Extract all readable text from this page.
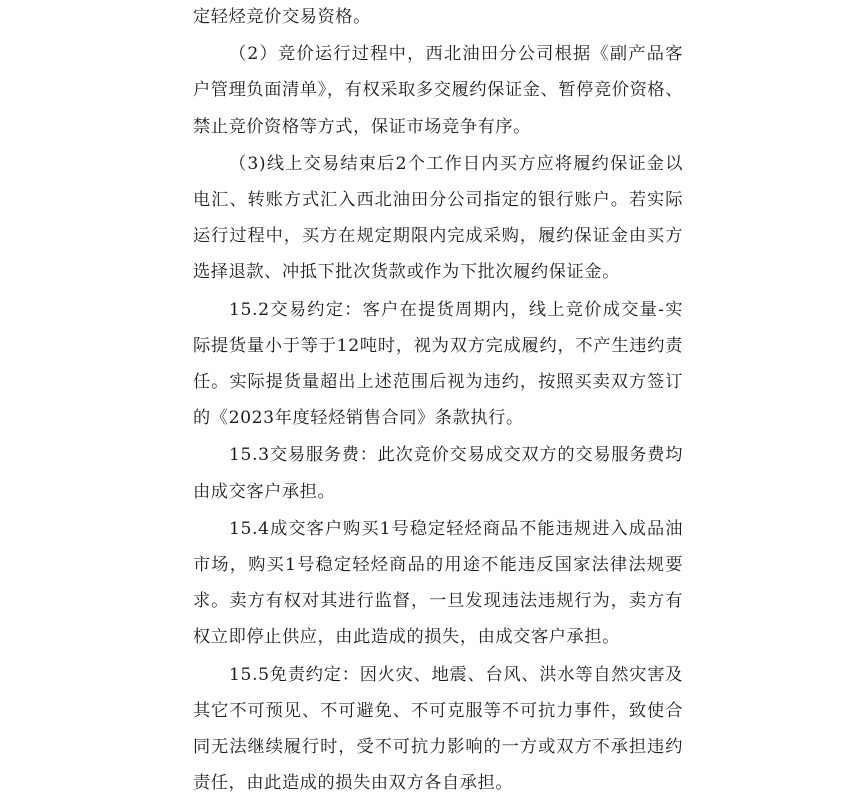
定轻烃竞价交易资格。

（2）竞价运行过程中，西北油田分公司根据《副产品客户管理负面清单》，有权采取多交履约保证金、暂停竞价资格、禁止竞价资格等方式，保证市场竞争有序。

（3)线上交易结束后2个工作日内买方应将履约保证金以电汇、转账方式汇入西北油田分公司指定的银行账户。若实际运行过程中，买方在规定期限内完成采购，履约保证金由买方选择退款、冲抵下批次货款或作为下批次履约保证金。

15.2交易约定：客户在提货周期内，线上竞价成交量-实际提货量小于等于12吨时，视为双方完成履约，不产生违约责任。实际提货量超出上述范围后视为违约，按照买卖双方签订的《2023年度轻烃销售合同》条款执行。

15.3交易服务费：此次竞价交易成交双方的交易服务费均由成交客户承担。

15.4成交客户购买1号稳定轻烃商品不能违规进入成品油市场，购买1号稳定轻烃商品的用途不能违反国家法律法规要求。卖方有权对其进行监督，一旦发现违法违规行为，卖方有权立即停止供应，由此造成的损失，由成交客户承担。

15.5免责约定：因火灾、地震、台风、洪水等自然灾害及其它不可预见、不可避免、不可克服等不可抗力事件，致使合同无法继续履行时，受不可抗力影响的一方或双方不承担违约责任，由此造成的损失由双方各自承担。
